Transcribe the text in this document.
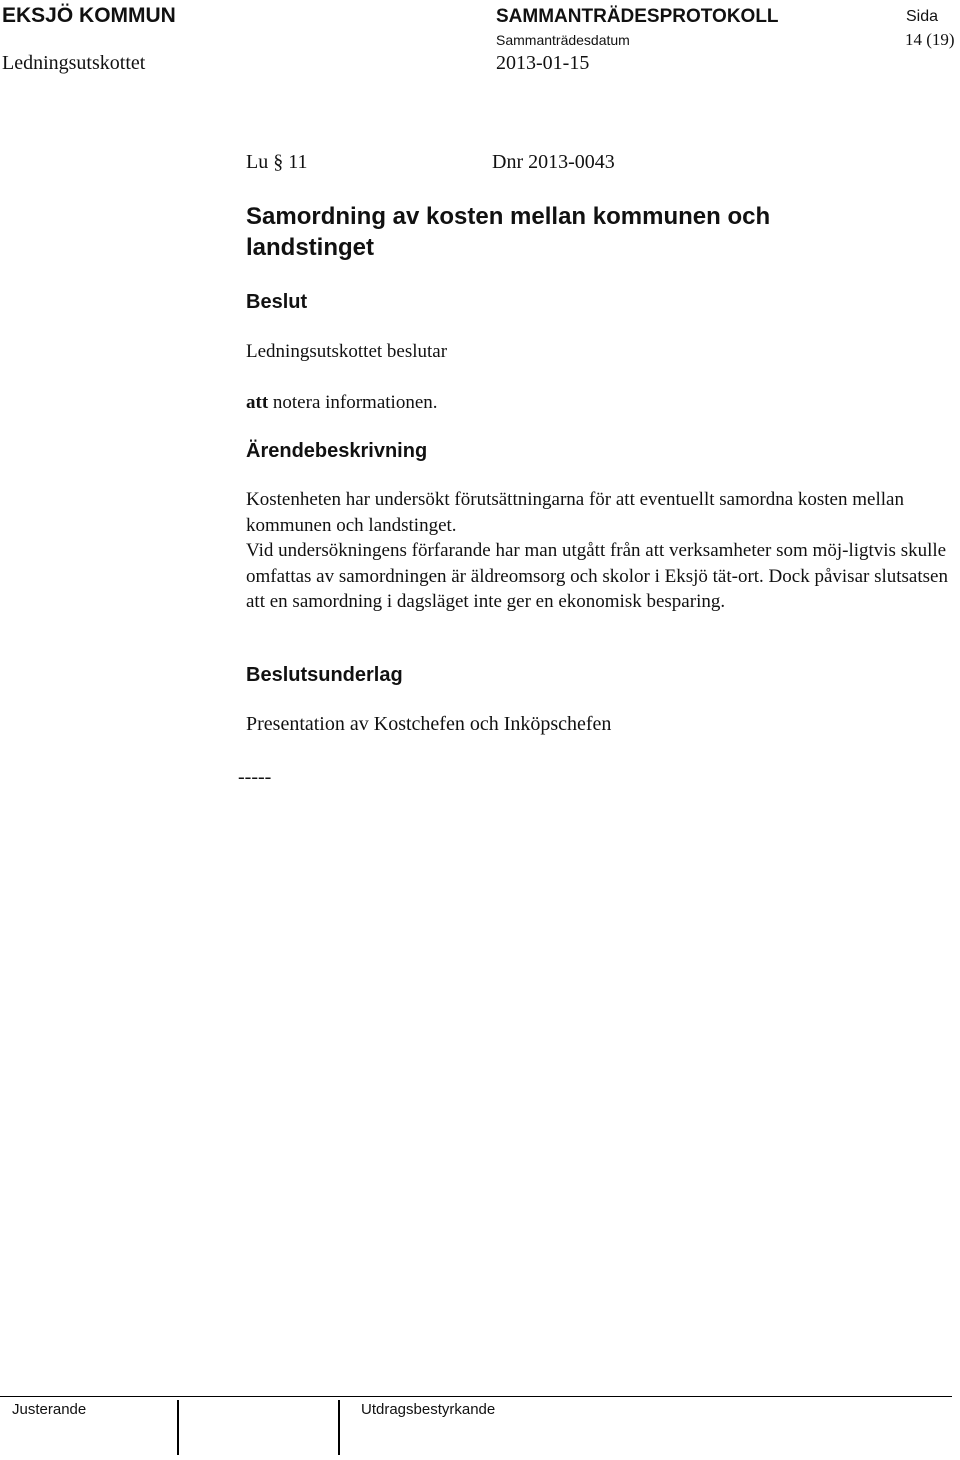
EKSJÖ KOMMUN	SAMMANTRÄDESPROTOKOLL	Sida
Ledningsutskottet
Sammanträdesdatum
2013-01-15
14 (19)
Lu § 11	Dnr 2013-0043
Samordning av kosten mellan kommunen och landstinget
Beslut
Ledningsutskottet beslutar
att notera informationen.
Ärendebeskrivning
Kostenheten har undersökt förutsättningarna för att eventuellt samordna kosten mellan kommunen och landstinget.
Vid undersökningens förfarande har man utgått från att verksamheter som möj-ligtvis skulle omfattas av samordningen är äldreomsorg och skolor i Eksjö tät-ort. Dock påvisar slutsatsen att en samordning i dagsläget inte ger en ekonomisk besparing.
Beslutsunderlag
Presentation av Kostchefen och Inköpschefen
-----
Justerande	Utdragsbestyrkande
